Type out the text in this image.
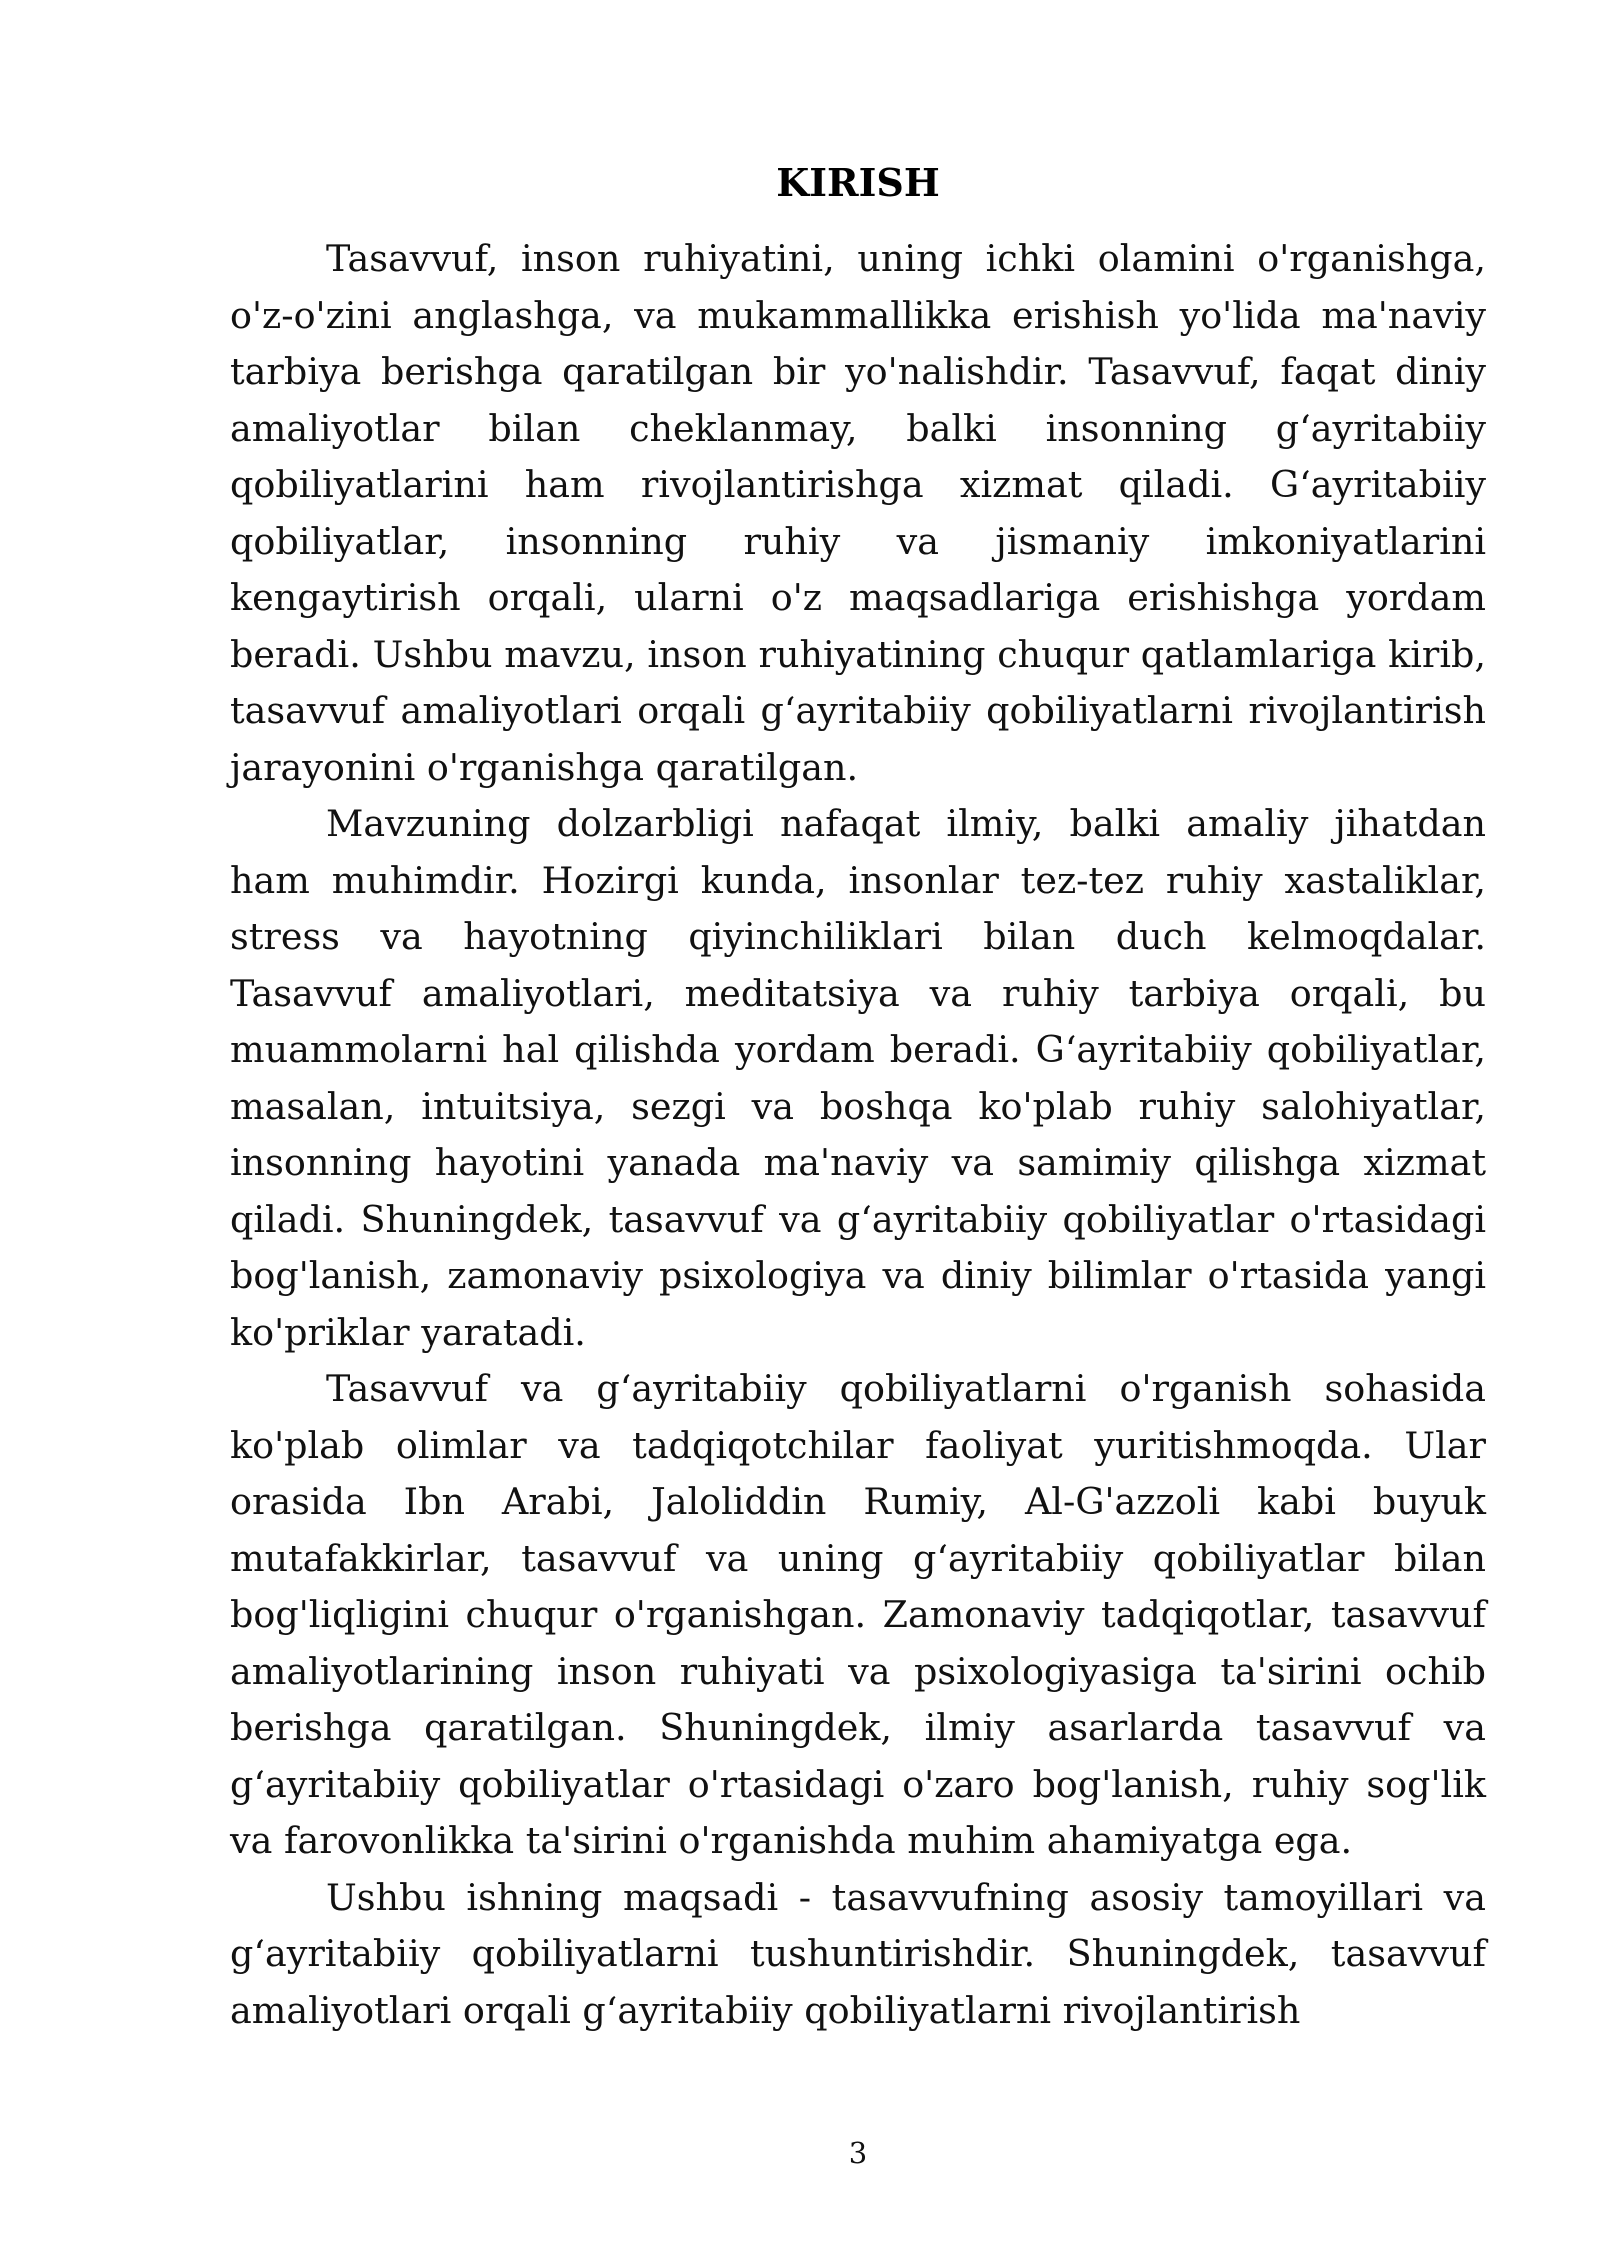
KIRISH

Tasavvuf, inson ruhiyatini, uning ichki olamini o'rganishga, o'z-o'zini anglashga, va mukammallikka erishish yo'lida ma'naviy tarbiya berishga qaratilgan bir yo'nalishdir. Tasavvuf, faqat diniy amaliyotlar bilan cheklanmay, balki insonning g‘ayritabiiy qobiliyatlarini ham rivojlantirishga xizmat qiladi. G‘ayritabiiy qobiliyatlar, insonning ruhiy va jismaniy imkoniyatlarini kengaytirish orqali, ularni o'z maqsadlariga erishishga yordam beradi. Ushbu mavzu, inson ruhiyatining chuqur qatlamlariga kirib, tasavvuf amaliyotlari orqali g‘ayritabiiy qobiliyatlarni rivojlantirish jarayonini o'rganishga qaratilgan.

Mavzuning dolzarbligi nafaqat ilmiy, balki amaliy jihatdan ham muhimdir. Hozirgi kunda, insonlar tez-tez ruhiy xastaliklar, stress va hayotning qiyinchiliklari bilan duch kelmoqdalar. Tasavvuf amaliyotlari, meditatsiya va ruhiy tarbiya orqali, bu muammolarni hal qilishda yordam beradi. G‘ayritabiiy qobiliyatlar, masalan, intuitsiya, sezgi va boshqa ko'plab ruhiy salohiyatlar, insonning hayotini yanada ma'naviy va samimiy qilishga xizmat qiladi. Shuningdek, tasavvuf va g‘ayritabiiy qobiliyatlar o'rtasidagi bog'lanish, zamonaviy psixologiya va diniy bilimlar o'rtasida yangi ko'priklar yaratadi.

Tasavvuf va g‘ayritabiiy qobiliyatlarni o'rganish sohasida ko'plab olimlar va tadqiqotchilar faoliyat yuritishmoqda. Ular orasida Ibn Arabi, Jaloliddin Rumiy, Al-G'azzoli kabi buyuk mutafakkirlar, tasavvuf va uning g‘ayritabiiy qobiliyatlar bilan bog'liqligini chuqur o'rganishgan. Zamonaviy tadqiqotlar, tasavvuf amaliyotlarining inson ruhiyati va psixologiyasiga ta'sirini ochib berishga qaratilgan. Shuningdek, ilmiy asarlarda tasavvuf va g‘ayritabiiy qobiliyatlar o'rtasidagi o'zaro bog'lanish, ruhiy sog'lik va farovonlikka ta'sirini o'rganishda muhim ahamiyatga ega.

Ushbu ishning maqsadi - tasavvufning asosiy tamoyillari va g‘ayritabiiy qobiliyatlarni tushuntirishdir. Shuningdek, tasavvuf amaliyotlari orqali g‘ayritabiiy qobiliyatlarni rivojlantirish

3
